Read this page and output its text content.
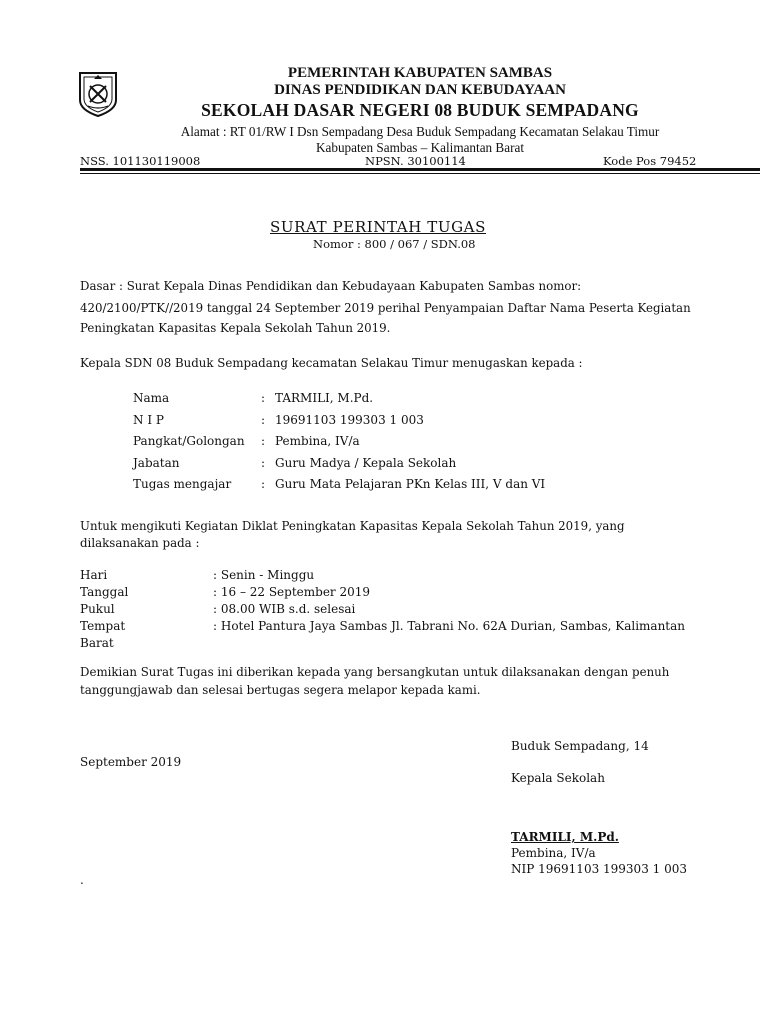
PEMERINTAH KABUPATEN SAMBAS
DINAS PENDIDIKAN DAN KEBUDAYAAN
SEKOLAH DASAR NEGERI 08 BUDUK SEMPADANG
Alamat : RT 01/RW I Dsn Sempadang Desa Buduk Sempadang Kecamatan Selakau Timur
Kabupaten Sambas – Kalimantan Barat
NSS. 101130119008	NPSN. 30100114	Kode Pos 79452
SURAT PERINTAH TUGAS
Nomor : 800 / 067 / SDN.08
Dasar : Surat Kepala Dinas Pendidikan dan Kebudayaan Kabupaten Sambas nomor:
420/2100/PTK//2019 tanggal 24 September 2019 perihal Penyampaian Daftar Nama Peserta Kegiatan
Peningkatan Kapasitas Kepala Sekolah Tahun 2019.
Kepala SDN 08 Buduk Sempadang kecamatan Selakau Timur menugaskan kepada :
Nama	:	TARMILI, M.Pd.
N I P	:	19691103 199303 1 003
Pangkat/Golongan	:	Pembina, IV/a
Jabatan	:	Guru Madya / Kepala Sekolah
Tugas mengajar	:	Guru Mata Pelajaran PKn Kelas III, V dan VI
Untuk mengikuti Kegiatan Diklat Peningkatan Kapasitas Kepala Sekolah Tahun 2019, yang
dilaksanakan pada :
Hari	: Senin - Minggu
Tanggal	: 16 – 22 September 2019
Pukul	: 08.00 WIB s.d. selesai
Tempat	: Hotel Pantura Jaya Sambas Jl. Tabrani No. 62A Durian, Sambas, Kalimantan
Barat	
Demikian Surat Tugas ini diberikan kepada yang bersangkutan untuk dilaksanakan dengan penuh
tanggungjawab dan selesai bertugas segera melapor kepada kami.
Buduk Sempadang, 14
September 2019
Kepala Sekolah
TARMILI, M.Pd.
Pembina, IV/a
NIP 19691103 199303 1 003
.
